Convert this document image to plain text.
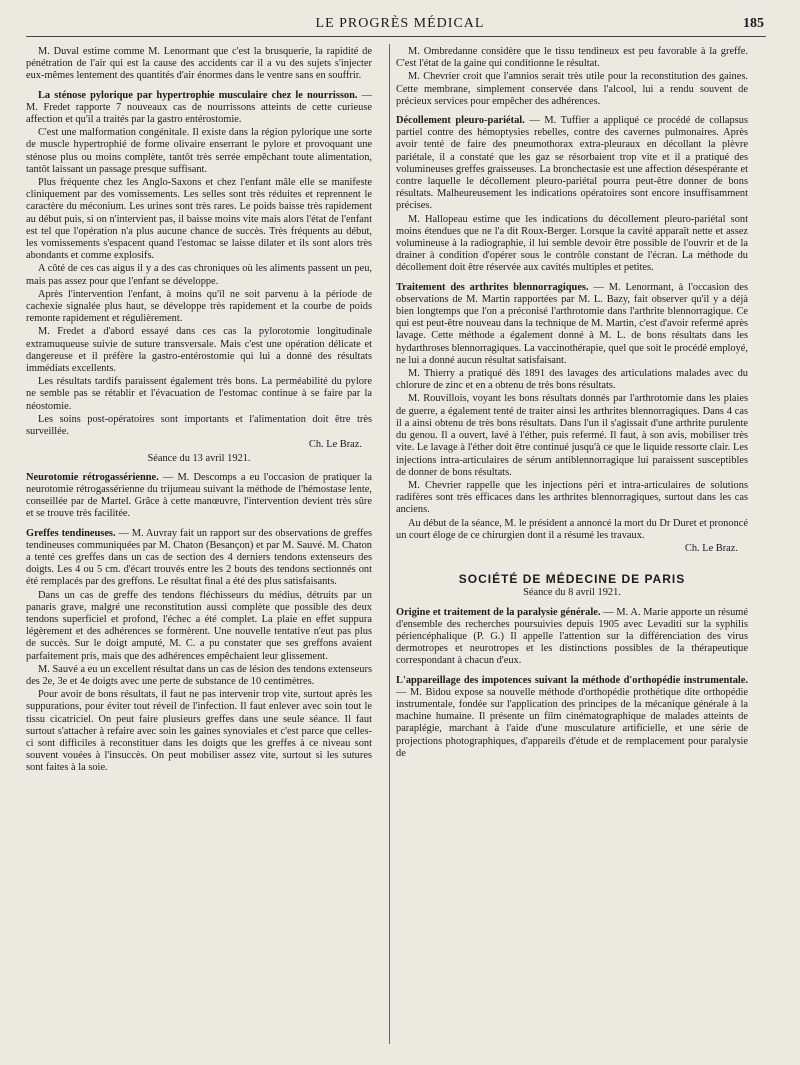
LE PROGRÈS MÉDICAL	185

M. Duval estime comme M. Lenormant que c'est la brusquerie, la rapidité de pénétration de l'air qui est la cause des accidents car il a vu des sujets s'injecter eux-mêmes lentement des quantités d'air énormes dans le ventre sans en souffrir.

La sténose pylorique par hypertrophie musculaire chez le nourrisson. — M. Fredet rapporte 7 nouveaux cas de nourrissons atteints de cette curieuse affection et qu'il a traités par la gastro entérostomie.

C'est une malformation congénitale. Il existe dans la région pylorique une sorte de muscle hypertrophié de forme olivaire enserrant le pylore et provoquant une sténose plus ou moins complète, tantôt très serrée empêchant toute alimentation, tantôt laissant un passage presque suffisant.

Plus fréquente chez les Anglo-Saxons et chez l'enfant mâle elle se manifeste cliniquement par des vomissements. Les selles sont très réduites et reprennent le caractère du méconium. Les urines sont très rares. Le poids baisse très rapidement au début puis, si on n'intervient pas, il baisse moins vite mais alors l'état de l'enfant est tel que l'opération n'a plus aucune chance de succès. Très fréquents au début, les vomissements s'espacent quand l'estomac se laisse dilater et ils sont alors très abondants et comme explosifs.

A côté de ces cas aigus il y a des cas chroniques où les aliments passent un peu, mais pas assez pour que l'enfant se développe.

Après l'intervention l'enfant, à moins qu'il ne soit parvenu à la période de cachexie signalée plus haut, se développe très rapidement et la courbe de poids remonte rapidement et régulièrement.

M. Fredet a d'abord essayé dans ces cas la pylorotomie longitudinale extramuqueuse suivie de suture transversale. Mais c'est une opération délicate et dangereuse et il préfère la gastro-entérostomie qui lui a donné des résultats immédiats excellents.

Les résultats tardifs paraissent également très bons. La perméabilité du pylore ne semble pas se rétablir et l'évacuation de l'estomac continue à se faire par la néostomie.

Les soins post-opératoires sont importants et l'alimentation doit être très surveillée.

Ch. Le Braz.

Séance du 13 avril 1921.

Neurotomie rétrogassérienne. — M. Descomps a eu l'occasion de pratiquer la neurotomie rétrogassérienne du trijumeau suivant la méthode de l'hémostase lente, conseillée par de Martel. Grâce à cette manœuvre, l'intervention devient très sûre et se trouve très facilitée.

Greffes tendineuses. — M. Auvray fait un rapport sur des observations de greffes tendineuses communiquées par M. Chaton (Besançon) et par M. Sauvé. M. Chaton a tenté ces greffes dans un cas de section des 4 derniers tendons extenseurs des doigts. Les 4 ou 5 cm. d'écart trouvés entre les 2 bouts des tendons sectionnés ont été remplacés par des greffons. Le résultat final a été des plus satisfaisants.

Dans un cas de greffe des tendons fléchisseurs du médius, détruits par un panaris grave, malgré une reconstitution aussi complète que possible des deux tendons superficiel et profond, l'échec a été complet. La plaie en effet suppura légèrement et des adhérences se formèrent. Une nouvelle tentative n'eut pas plus de succès. Sur le doigt amputé, M. C. a pu constater que ses greffons avaient parfaitement pris, mais que des adhérences empêchaient leur glissement.

M. Sauvé a eu un excellent résultat dans un cas de lésion des tendons extenseurs des 2e, 3e et 4e doigts avec une perte de substance de 10 centimètres.

Pour avoir de bons résultats, il faut ne pas intervenir trop vite, surtout après les suppurations, pour éviter tout réveil de l'infection. Il faut enlever avec soin tout le tissu cicatriciel. On peut faire plusieurs greffes dans une seule séance. Il faut surtout s'attacher à refaire avec soin les gaines synoviales et c'est parce que celles-ci sont difficiles à reconstituer dans les doigts que les greffes à ce niveau sont souvent vouées à l'insuccès. On peut mobiliser assez vite, surtout si les sutures sont faites à la soie.

M. Ombredanne considère que le tissu tendineux est peu favorable à la greffe. C'est l'état de la gaine qui conditionne le résultat.

M. Chevrier croit que l'amnios serait très utile pour la reconstitution des gaines. Cette membrane, simplement conservée dans l'alcool, lui a rendu souvent de précieux services pour empêcher des adhérences.

Décollement pleuro-pariétal. — M. Tuffier a appliqué ce procédé de collapsus partiel contre des hémoptysies rebelles, contre des cavernes pulmonaires. Après avoir tenté de faire des pneumothorax extra-pleuraux en décollant la plèvre pariétale, il a constaté que les gaz se résorbaient trop vite et il a pratiqué des volumineuses greffes graisseuses. La bronchectasie est une affection désespérante et contre laquelle le décollement pleuro-pariétal pourra peut-être donner de bons résultats. Malheureusement les indications opératoires sont encore insuffisamment précises.

M. Hallopeau estime que les indications du décollement pleuro-pariétal sont moins étendues que ne l'a dit Roux-Berger. Lorsque la cavité apparaît nette et assez volumineuse à la radiographie, il lui semble devoir être possible de l'ouvrir et de la drainer à condition d'opérer sous le contrôle constant de l'écran. La méthode du décollement doit être réservée aux cavités multiples et petites.

Traitement des arthrites blennorragiques. — M. Lenormant, à l'occasion des observations de M. Martin rapportées par M. L. Bazy, fait observer qu'il y a déjà bien longtemps que l'on a préconisé l'arthrotomie dans l'arthrite blennorragique. Ce qui est peut-être nouveau dans la technique de M. Martin, c'est d'avoir refermé après lavage. Cette méthode a également donné à M. L. de bons résultats dans les hydarthroses blennorragiques. La vaccinothérapie, quel que soit le procédé employé, ne lui a donné aucun résultat satisfaisant.

M. Thierry a pratiqué dès 1891 des lavages des articulations malades avec du chlorure de zinc et en a obtenu de très bons résultats.

M. Rouvillois, voyant les bons résultats donnés par l'arthrotomie dans les plaies de guerre, a également tenté de traiter ainsi les arthrites blennorragiques. Dans 4 cas il a ainsi obtenu de très bons résultats. Dans l'un il s'agissait d'une arthrite purulente du genou. Il a ouvert, lavé à l'éther, puis refermé. Il faut, à son avis, mobiliser très vite. Le lavage à l'éther doit être continué jusqu'à ce que le liquide ressorte clair. Les injections intra-articulaires de sérum antiblennorragique lui paraissent susceptibles de donner de bons résultats.

M. Chevrier rappelle que les injections péri et intra-articulaires de solutions radifères sont très efficaces dans les arthrites blennorragiques, surtout dans les cas anciens.

Au début de la séance, M. le président a annoncé la mort du Dr Duret et prononcé un court éloge de ce chirurgien dont il a résumé les travaux.

Ch. Le Braz.

SOCIÉTÉ DE MÉDECINE DE PARIS

Séance du 8 avril 1921.

Origine et traitement de la paralysie générale. — M. A. Marie apporte un résumé d'ensemble des recherches poursuivies depuis 1905 avec Levaditi sur la syphilis périencéphalique (P. G.) Il appelle l'attention sur la différenciation des virus dermotropes et neurotropes et les distinctions possibles de la thérapeutique correspondant à chacun d'eux.

L'appareillage des impotences suivant la méthode d'orthopédie instrumentale. — M. Bidou expose sa nouvelle méthode d'orthopédie prothétique dite orthopédie instrumentale, fondée sur l'application des principes de la mécanique générale à la machine humaine. Il présente un film cinématographique de malades atteints de paraplégie, marchant à l'aide d'une musculature artificielle, et une série de projections photographiques, d'appareils d'étude et de remplacement pour paralysie de
